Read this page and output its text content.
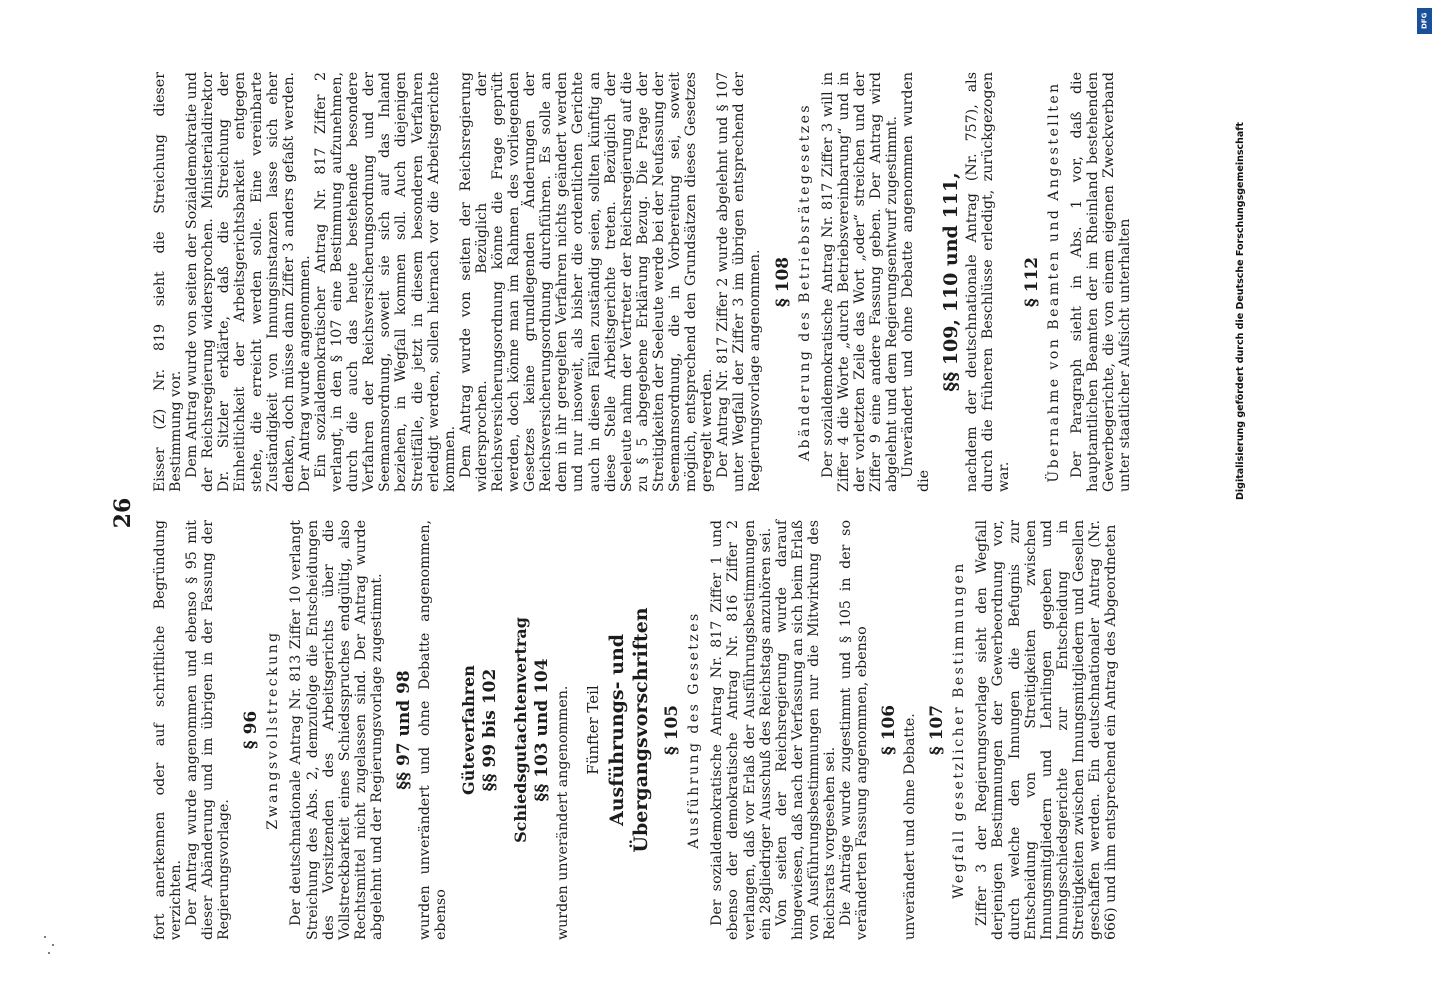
26

fort anerkennen oder auf schriftliche Begründung verzichten. Der Antrag wurde angenommen und ebenso § 95 mit dieser Abänderung und im übrigen in der Fassung der Regierungsvorlage.

§ 96 Zwangsvollstreckung Der deutschnationale Antrag Nr. 813 Ziffer 10 verlangt Streichung des Abs. 2, demzufolge die Entscheidungen des Vorsitzenden des Arbeitsgerichts über die Vollstreckbarkeit eines Schiedsspruches endgültig, also Rechtsmittel nicht zugelassen sind. Der Antrag wurde abgelehnt und der Regierungsvorlage zugestimmt. §§ 97 und 98 wurden unverändert und ohne Debatte angenommen, ebenso

Güteverfahren §§ 99 bis 102 Schiedsgutachtenvertrag §§ 103 und 104 wurden unverändert angenommen. Fünfter Teil Ausführungs- und Übergangsvorschriften § 105 Ausführung des Gesetzes Der sozialdemokratische Antrag Nr. 817 Ziffer 1 und ebenso der demokratische Antrag Nr. 816 Ziffer 2 verlangen, daß vor Erlaß der Ausführungsbestimmungen ein 28gliedriger Ausschuß des Reichstags anzuhören sei. Von seiten der Reichsregierung wurde darauf hingewiesen, daß nach der Verfassung an sich beim Erlaß von Ausführungsbestimmungen nur die Mitwirkung des Reichsrats vorgesehen sei. Die Anträge wurde zugestimmt und § 105 in der so veränderten Fassung angenommen, ebenso § 106 unverändert und ohne Debatte. § 107 Wegfall gesetzlicher Bestimmungen Ziffer 3 der Regierungsvorlage sieht den Wegfall derjenigen Bestimmungen der Gewerbeordnung vor, durch welche den Innungen die Befugnis zur Entscheidung von Streitigkeiten zwischen Innungsmitgliedern und Lehrlingen gegeben und Innungsschiedsgerichte zur Entscheidung in Streitigkeiten zwischen Innungsmitgliedern und Gesellen geschaffen werden. Ein deutschnationaler Antrag (Nr. 666) und ihm entsprechend ein Antrag des Abgeordneten

Eisser (Z) Nr. 819 sieht die Streichung dieser Bestimmung vor. Dem Antrag wurde von seiten der Sozialdemokratie und der Reichsregierung widersprochen. Ministerialdirektor Dr. Sitzler erklärte, daß die Streichung der Einheitlichkeit der Arbeitsgerichtsbarkeit entgegen stehe, die erreicht werden solle. Eine vereinbarte Zuständigkeit von Innungsinstanzen lasse sich eher denken, doch müsse dann Ziffer 3 anders gefaßt werden. Der Antrag wurde angenommen. Ein sozialdemokratischer Antrag Nr. 817 Ziffer 2 verlangt, in den § 107 eine Bestimmung aufzunehmen, durch die auch das heute bestehende besondere Verfahren der Reichsversicherungsordnung und der Seemannsordnung, soweit sie sich auf das Inland beziehen, in Wegfall kommen soll. Auch diejenigen Streitfälle, die jetzt in diesem besonderen Verfahren erledigt werden, sollen hiernach vor die Arbeitsgerichte kommen. Dem Antrag wurde von seiten der Reichsregierung widersprochen. Bezüglich der Reichsversicherungsordnung könne die Frage geprüft werden, doch könne man im Rahmen des vorliegenden Gesetzes keine grundlegenden Änderungen der Reichsversicherungsordnung durchführen. Es solle an dem in ihr geregelten Verfahren nichts geändert werden und nur insoweit, als bisher die ordentlichen Gerichte auch in diesen Fällen zuständig seien, sollten künftig an diese Stelle Arbeitsgerichte treten. Bezüglich der Seeleute nahm der Vertreter der Reichsregierung auf die zu § 5 abgegebene Erklärung Bezug. Die Frage der Streitigkeiten der Seeleute werde bei der Neufassung der Seemannsordnung, die in Vorbereitung sei, soweit möglich, entsprechend den Grundsätzen dieses Gesetzes geregelt werden. Der Antrag Nr. 817 Ziffer 2 wurde abgelehnt und § 107 unter Wegfall der Ziffer 3 im übrigen entsprechend der Regierungsvorlage angenommen. § 108 Abänderung des Betriebsrätegesetzes Der sozialdemokratische Antrag Nr. 817 Ziffer 3 will in Ziffer 4 die Worte „durch Betriebsvereinbarung“ und in der vorletzten Zeile das Wort „oder“ streichen und der Ziffer 9 eine andere Fassung geben. Der Antrag wird abgelehnt und dem Regierungsentwurf zugestimmt. Unverändert und ohne Debatte angenommen wurden die

§§ 109, 110 und 111, nachdem der deutschnationale Antrag (Nr. 757), als durch die früheren Beschlüsse erledigt, zurückgezogen war.

§ 112 Übernahme von Beamten und Angestellten Der Paragraph sieht in Abs. 1 vor, daß die hauptamtlichen Beamten der im Rheinland bestehenden Gewerbegerichte, die von einem eigenen Zweckverband unter staatlicher Aufsicht unterhalten

DFG
Digitalisierung gefördert durch die Deutsche Forschungsgemeinschaft
